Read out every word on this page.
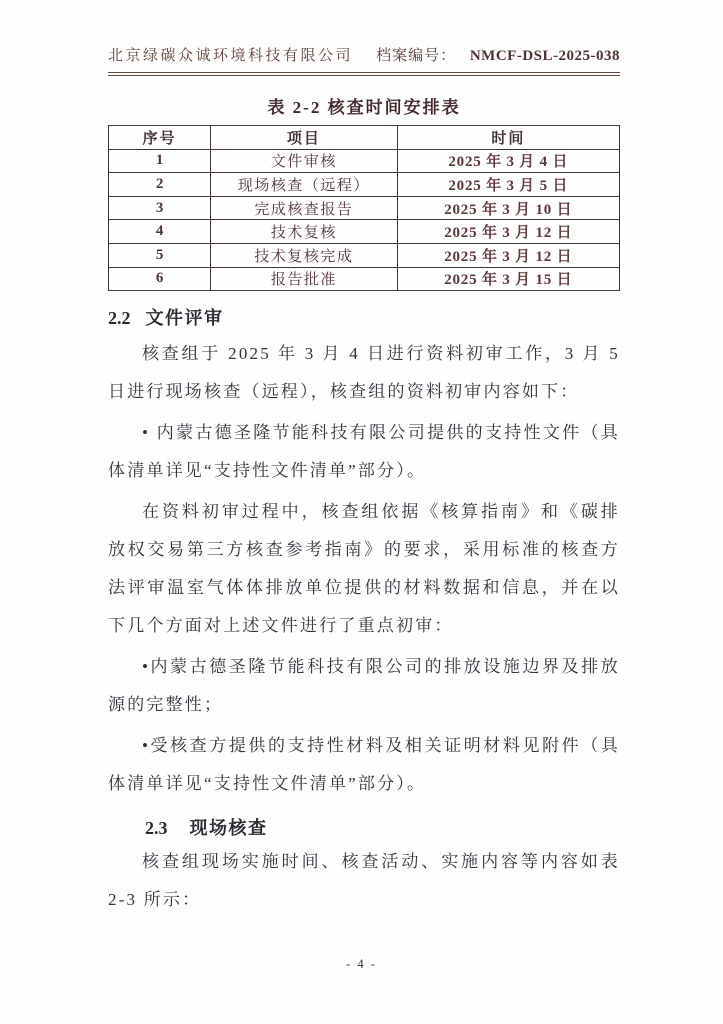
北京绿碳众诚环境科技有限公司 档案编号： NMCF-DSL-2025-038
表 2-2 核查时间安排表
序号	项目	时间
1	文件审核	2025 年 3 月 4 日
2	现场核查（远程）	2025 年 3 月 5 日
3	完成核查报告	2025 年 3 月 10 日
4	技术复核	2025 年 3 月 12 日
5	技术复核完成	2025 年 3 月 12 日
6	报告批准	2025 年 3 月 15 日
2.2 文件评审

核查组于 2025 年 3 月 4 日进行资料初审工作，3 月 5 日进行现场核查（远程），核查组的资料初审内容如下：

• 内蒙古德圣隆节能科技有限公司提供的支持性文件（具体清单详见“支持性文件清单”部分）。

在资料初审过程中，核查组依据《核算指南》和《碳排放权交易第三方核查参考指南》的要求，采用标准的核查方法评审温室气体体排放单位提供的材料数据和信息，并在以下几个方面对上述文件进行了重点初审：

•内蒙古德圣隆节能科技有限公司的排放设施边界及排放源的完整性；

•受核查方提供的支持性材料及相关证明材料见附件（具体清单详见“支持性文件清单”部分）。

2.3 现场核查

核查组现场实施时间、核查活动、实施内容等内容如表 2-3 所示：

- 4 -
